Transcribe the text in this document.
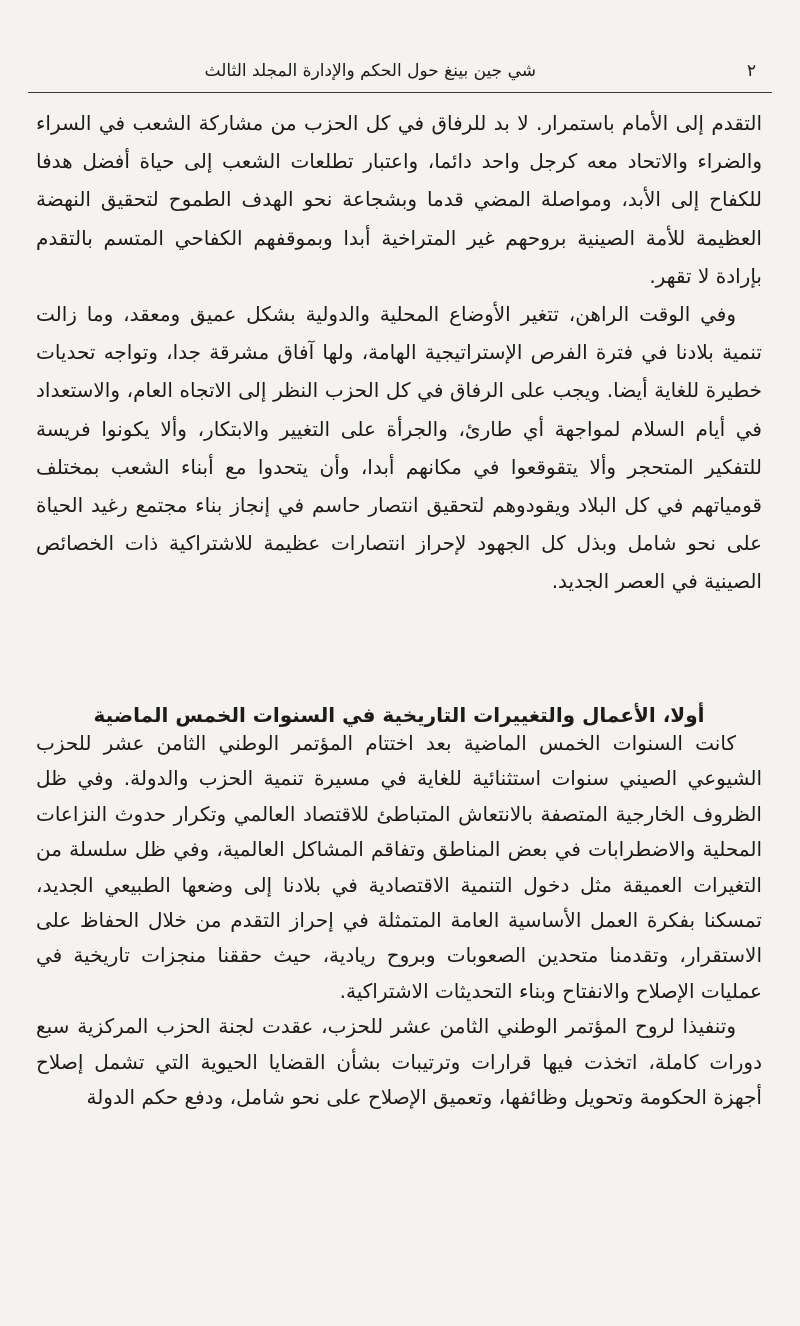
٢
شي جين بينغ حول الحكم والإدارة المجلد الثالث

التقدم إلى الأمام باستمرار. لا بد للرفاق في كل الحزب من مشاركة الشعب في السراء والضراء والاتحاد معه كرجل واحد دائما، واعتبار تطلعات الشعب إلى حياة أفضل هدفا للكفاح إلى الأبد، ومواصلة المضي قدما وبشجاعة نحو الهدف الطموح لتحقيق النهضة العظيمة للأمة الصينية بروحهم غير المتراخية أبدا وبموقفهم الكفاحي المتسم بالتقدم بإرادة لا تقهر.

وفي الوقت الراهن، تتغير الأوضاع المحلية والدولية بشكل عميق ومعقد، وما زالت تنمية بلادنا في فترة الفرص الإستراتيجية الهامة، ولها آفاق مشرقة جدا، وتواجه تحديات خطيرة للغاية أيضا. ويجب على الرفاق في كل الحزب النظر إلى الاتجاه العام، والاستعداد في أيام السلام لمواجهة أي طارئ، والجرأة على التغيير والابتكار، وألا يكونوا فريسة للتفكير المتحجر وألا يتقوقعوا في مكانهم أبدا، وأن يتحدوا مع أبناء الشعب بمختلف قومياتهم في كل البلاد ويقودوهم لتحقيق انتصار حاسم في إنجاز بناء مجتمع رغيد الحياة على نحو شامل وبذل كل الجهود لإحراز انتصارات عظيمة للاشتراكية ذات الخصائص الصينية في العصر الجديد.

أولا، الأعمال والتغييرات التاريخية في السنوات الخمس الماضية

كانت السنوات الخمس الماضية بعد اختتام المؤتمر الوطني الثامن عشر للحزب الشيوعي الصيني سنوات استثنائية للغاية في مسيرة تنمية الحزب والدولة. وفي ظل الظروف الخارجية المتصفة بالانتعاش المتباطئ للاقتصاد العالمي وتكرار حدوث النزاعات المحلية والاضطرابات في بعض المناطق وتفاقم المشاكل العالمية، وفي ظل سلسلة من التغيرات العميقة مثل دخول التنمية الاقتصادية في بلادنا إلى وضعها الطبيعي الجديد، تمسكنا بفكرة العمل الأساسية العامة المتمثلة في إحراز التقدم من خلال الحفاظ على الاستقرار، وتقدمنا متحدين الصعوبات وبروح ريادية، حيث حققنا منجزات تاريخية في عمليات الإصلاح والانفتاح وبناء التحديثات الاشتراكية.

وتنفيذا لروح المؤتمر الوطني الثامن عشر للحزب، عقدت لجنة الحزب المركزية سبع دورات كاملة، اتخذت فيها قرارات وترتيبات بشأن القضايا الحيوية التي تشمل إصلاح أجهزة الحكومة وتحويل وظائفها، وتعميق الإصلاح على نحو شامل، ودفع حكم الدولة
